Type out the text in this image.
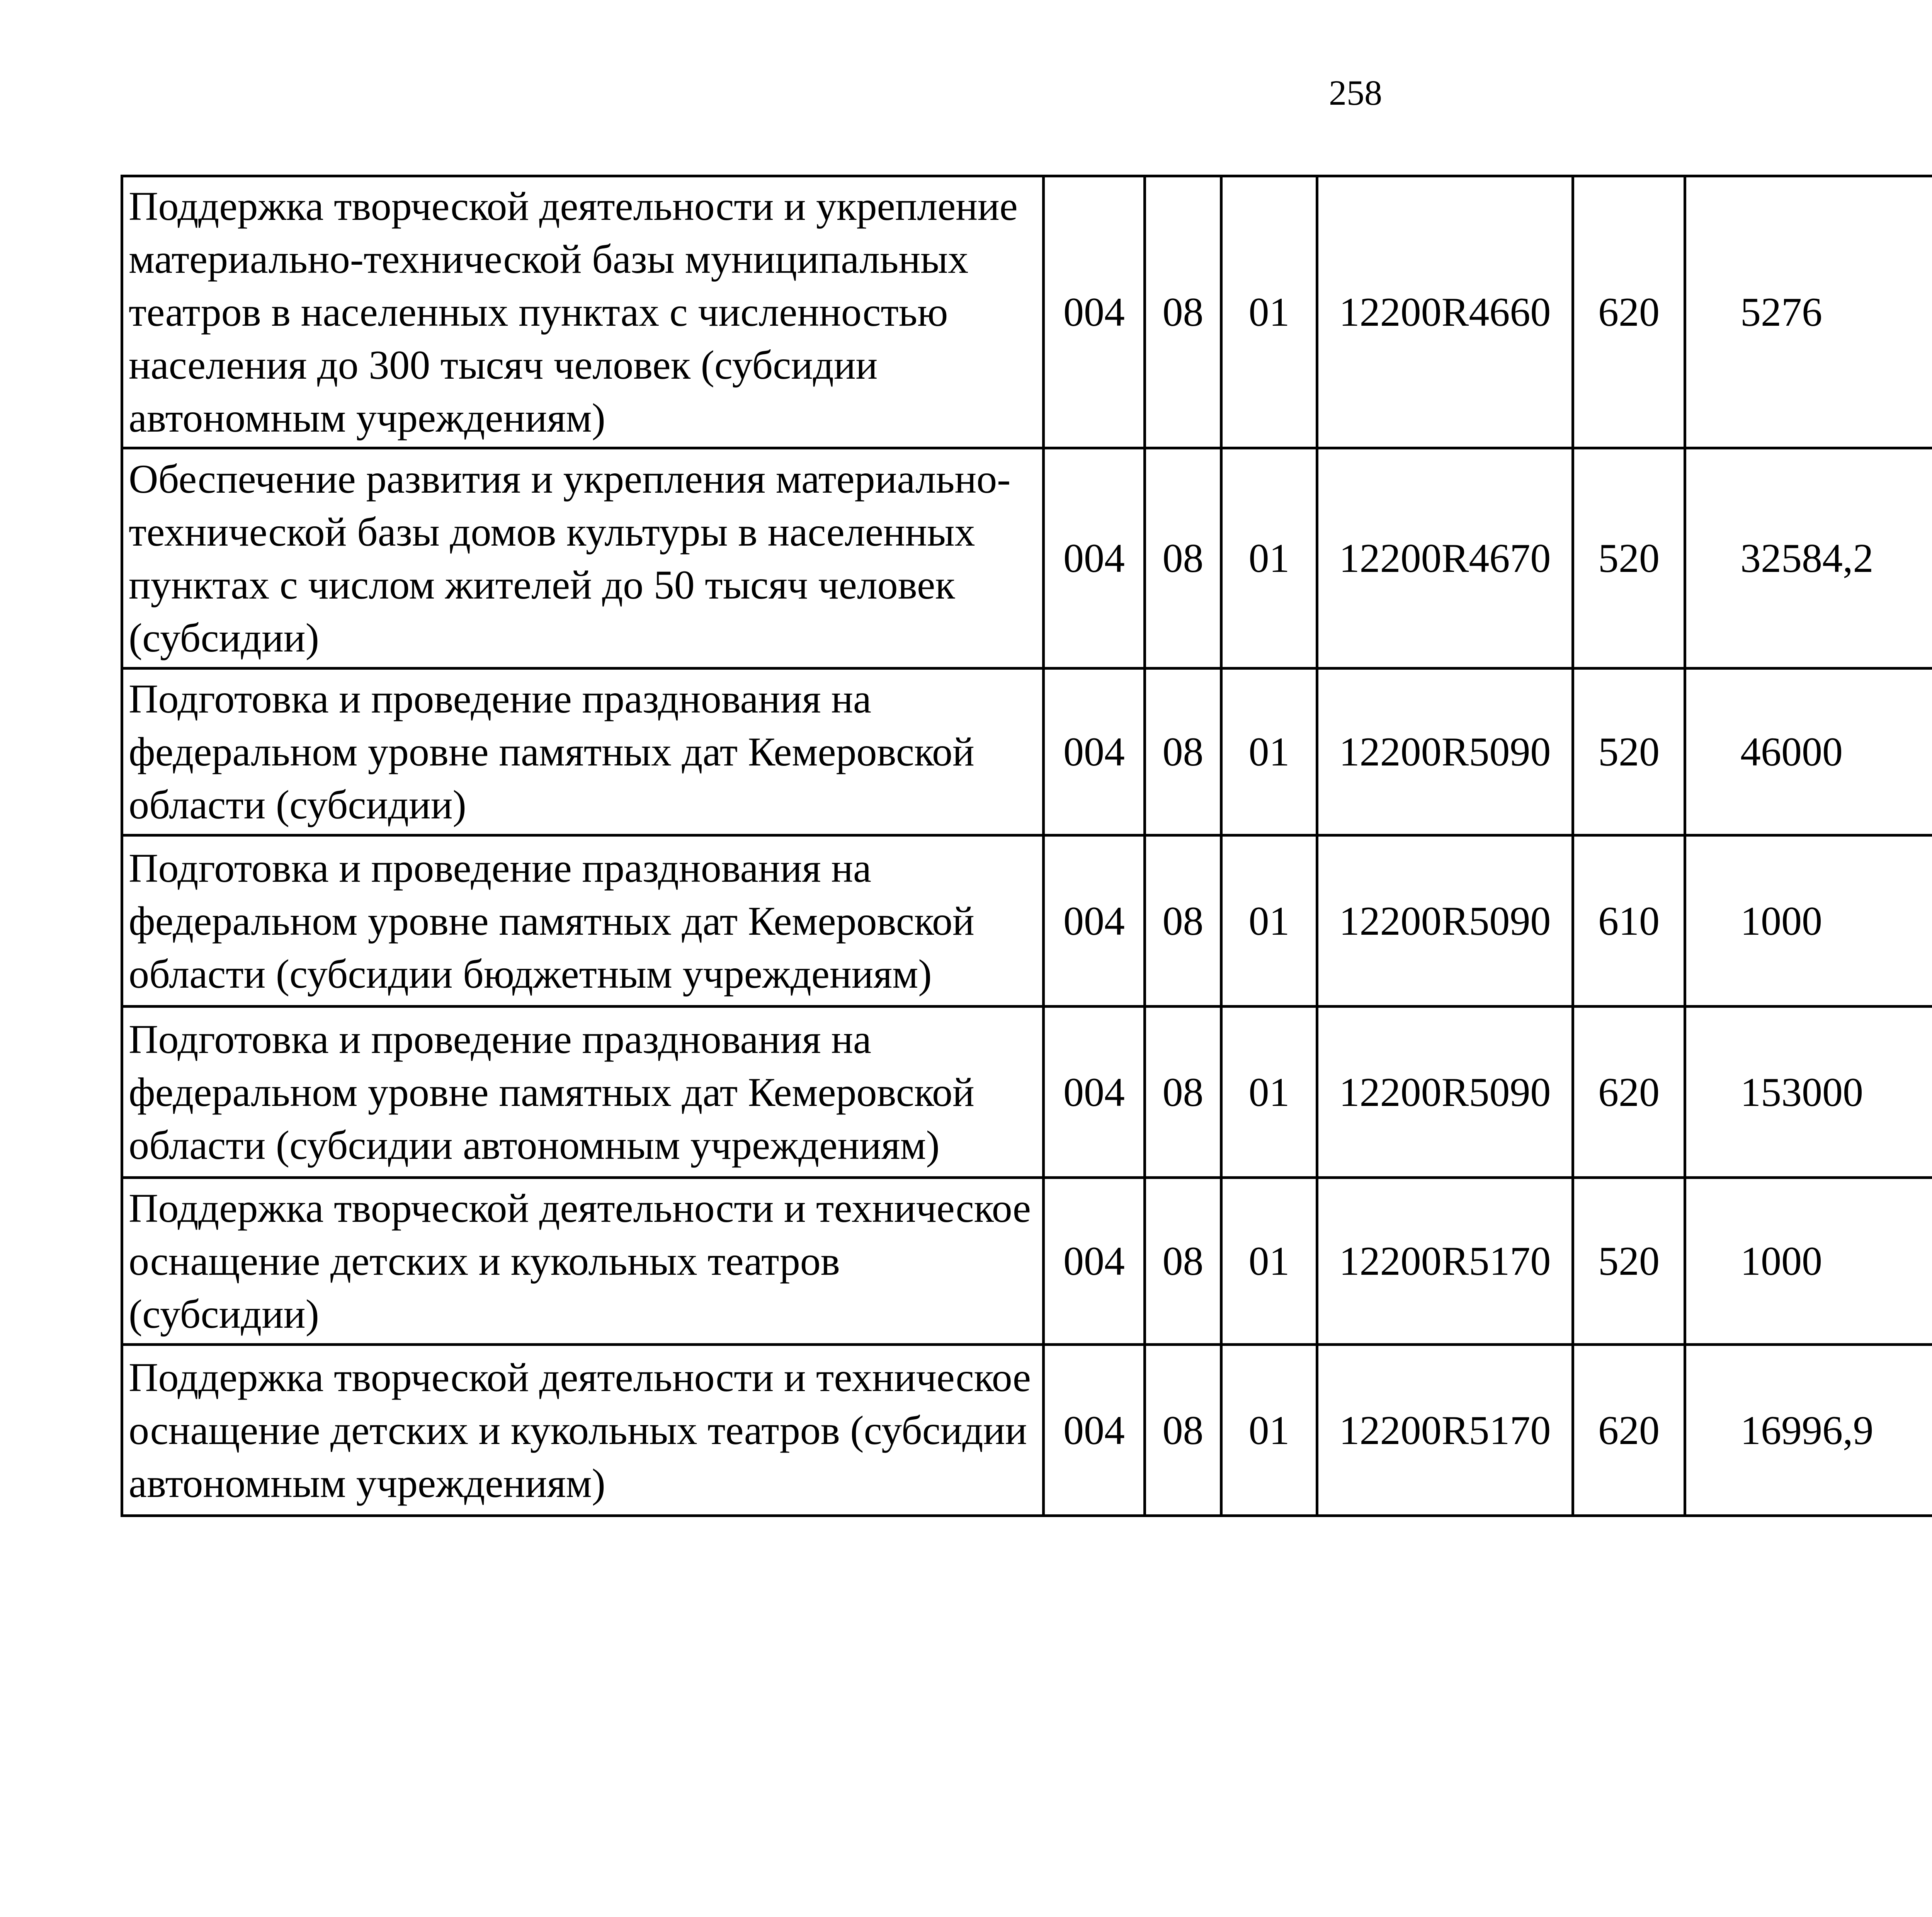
258
Поддержка творческой деятельности и укрепление материально-технической базы муниципальных театров в населенных пунктах с численностью населения до 300 тысяч человек (субсидии автономным учреждениям)	004	08	01	12200R4660	620	5276		
Обеспечение развития и укрепления материально-технической базы домов культуры в населенных пунктах с числом жителей до 50 тысяч человек (субсидии)	004	08	01	12200R4670	520	32584,2		
Подготовка и проведение празднования на федеральном уровне памятных дат Кемеровской области (субсидии)	004	08	01	12200R5090	520	46000		
Подготовка и проведение празднования на федеральном уровне памятных дат Кемеровской области (субсидии бюджетным учреждениям)	004	08	01	12200R5090	610	1000		
Подготовка и проведение празднования на федеральном уровне памятных дат Кемеровской области (субсидии автономным учреждениям)	004	08	01	12200R5090	620	153000		
Поддержка творческой деятельности и техническое оснащение детских и кукольных театров (субсидии)	004	08	01	12200R5170	520	1000		
Поддержка творческой деятельности и техническое оснащение детских и кукольных театров (субсидии автономным учреждениям)	004	08	01	12200R5170	620	16996,9		
